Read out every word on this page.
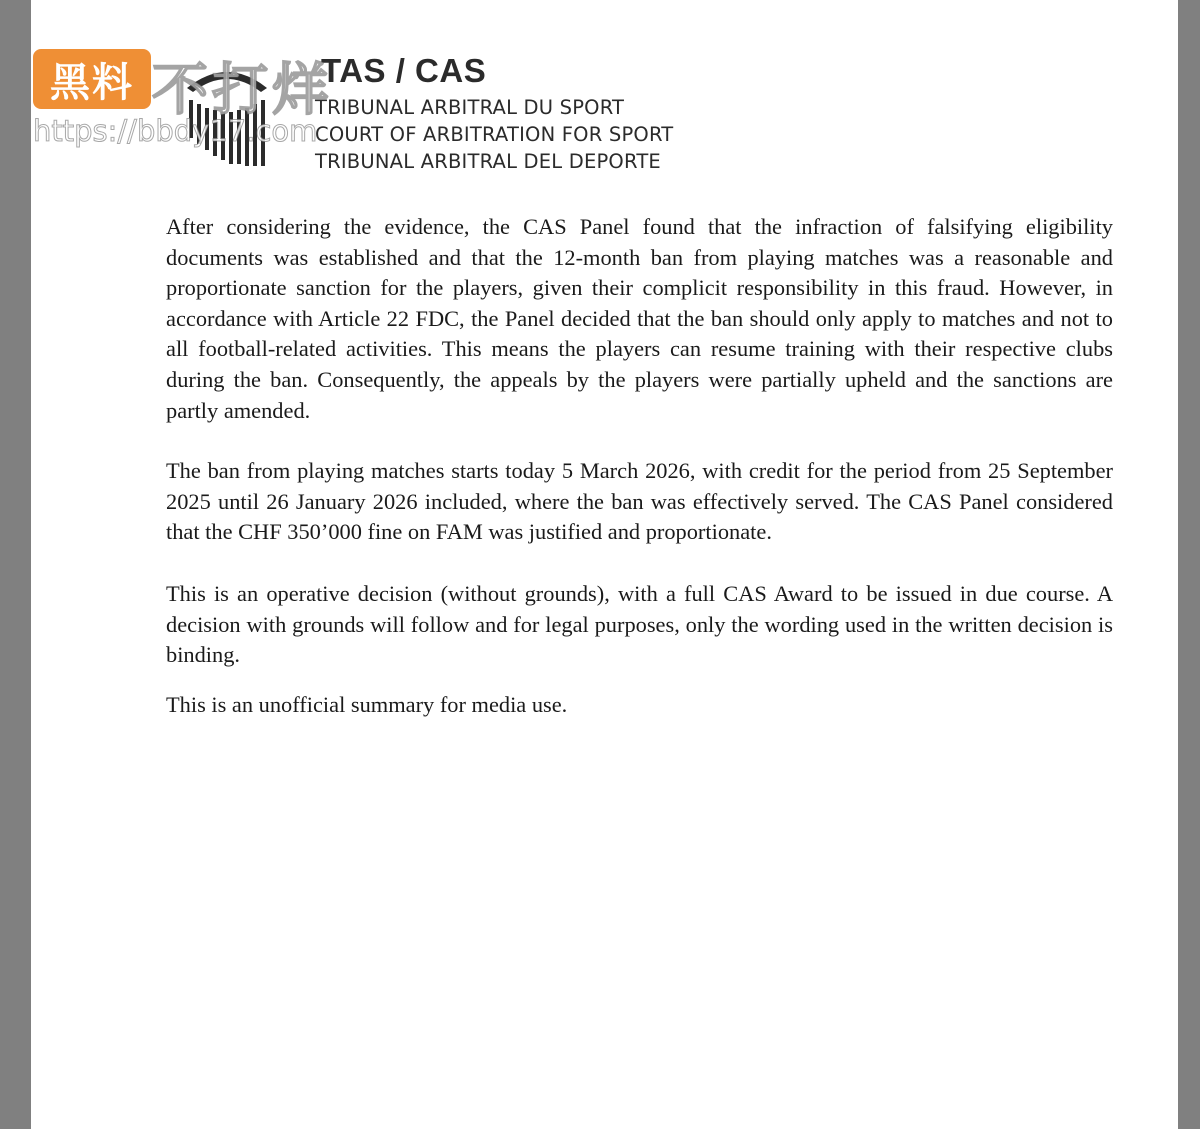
TAS / CAS
TRIBUNAL ARBITRAL DU SPORT
COURT OF ARBITRATION FOR SPORT
TRIBUNAL ARBITRAL DEL DEPORTE

After considering the evidence, the CAS Panel found that the infraction of falsifying eligibility documents was established and that the 12-month ban from playing matches was a reasonable and proportionate sanction for the players, given their complicit responsibility in this fraud. However, in accordance with Article 22 FDC, the Panel decided that the ban should only apply to matches and not to all football-related activities. This means the players can resume training with their respective clubs during the ban. Consequently, the appeals by the players were partially upheld and the sanctions are partly amended.

The ban from playing matches starts today 5 March 2026, with credit for the period from 25 September 2025 until 26 January 2026 included, where the ban was effectively served. The CAS Panel considered that the CHF 350’000 fine on FAM was justified and proportionate.

This is an operative decision (without grounds), with a full CAS Award to be issued in due course. A decision with grounds will follow and for legal purposes, only the wording used in the written decision is binding.

This is an unofficial summary for media use.

黑料 不打烊
https://bbdy17.com
